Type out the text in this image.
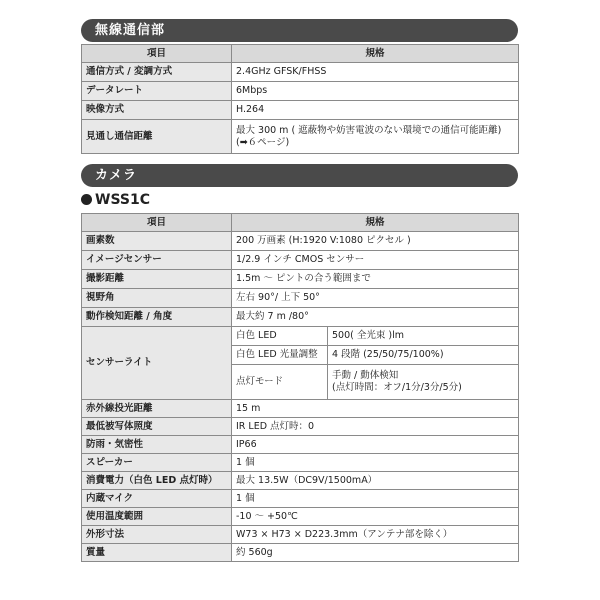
無線通信部
項目	規格
通信方式 / 変調方式	2.4GHz GFSK/FHSS
データレート	6Mbps
映像方式	H.264
見通し通信距離	最大 300 m ( 遮蔽物や妨害電波のない環境での通信可能距離) (➡６ページ)
カメラ
WSS1C
項目	規格	
画素数	200 万画素 (H:1920 V:1080 ピクセル )	
イメージセンサー	1/2.9 インチ CMOS センサー	
撮影距離	1.5m ～ ピントの合う範囲まで	
視野角	左右 90°/ 上下 50°	
動作検知距離 / 角度	最大約 7 m /80°	
センサーライト	白色 LED	500( 全光束 )lm
	白色 LED 光量調整	4 段階 (25/50/75/100%)
	点灯モード	手動 / 動体検知
(点灯時間：オフ/1分/3分/5分)

赤外線投光距離	15 m	
最低被写体照度	IR LED 点灯時：0	
防雨・気密性	IP66	
スピーカー	1 個	
消費電力（白色 LED 点灯時）	最大 13.5W（DC9V/1500mA）	
内蔵マイク	1 個	
使用温度範囲	-10 ～ +50℃	
外形寸法	W73 × H73 × D223.3mm（アンテナ部を除く）	
質量	約 560g	
